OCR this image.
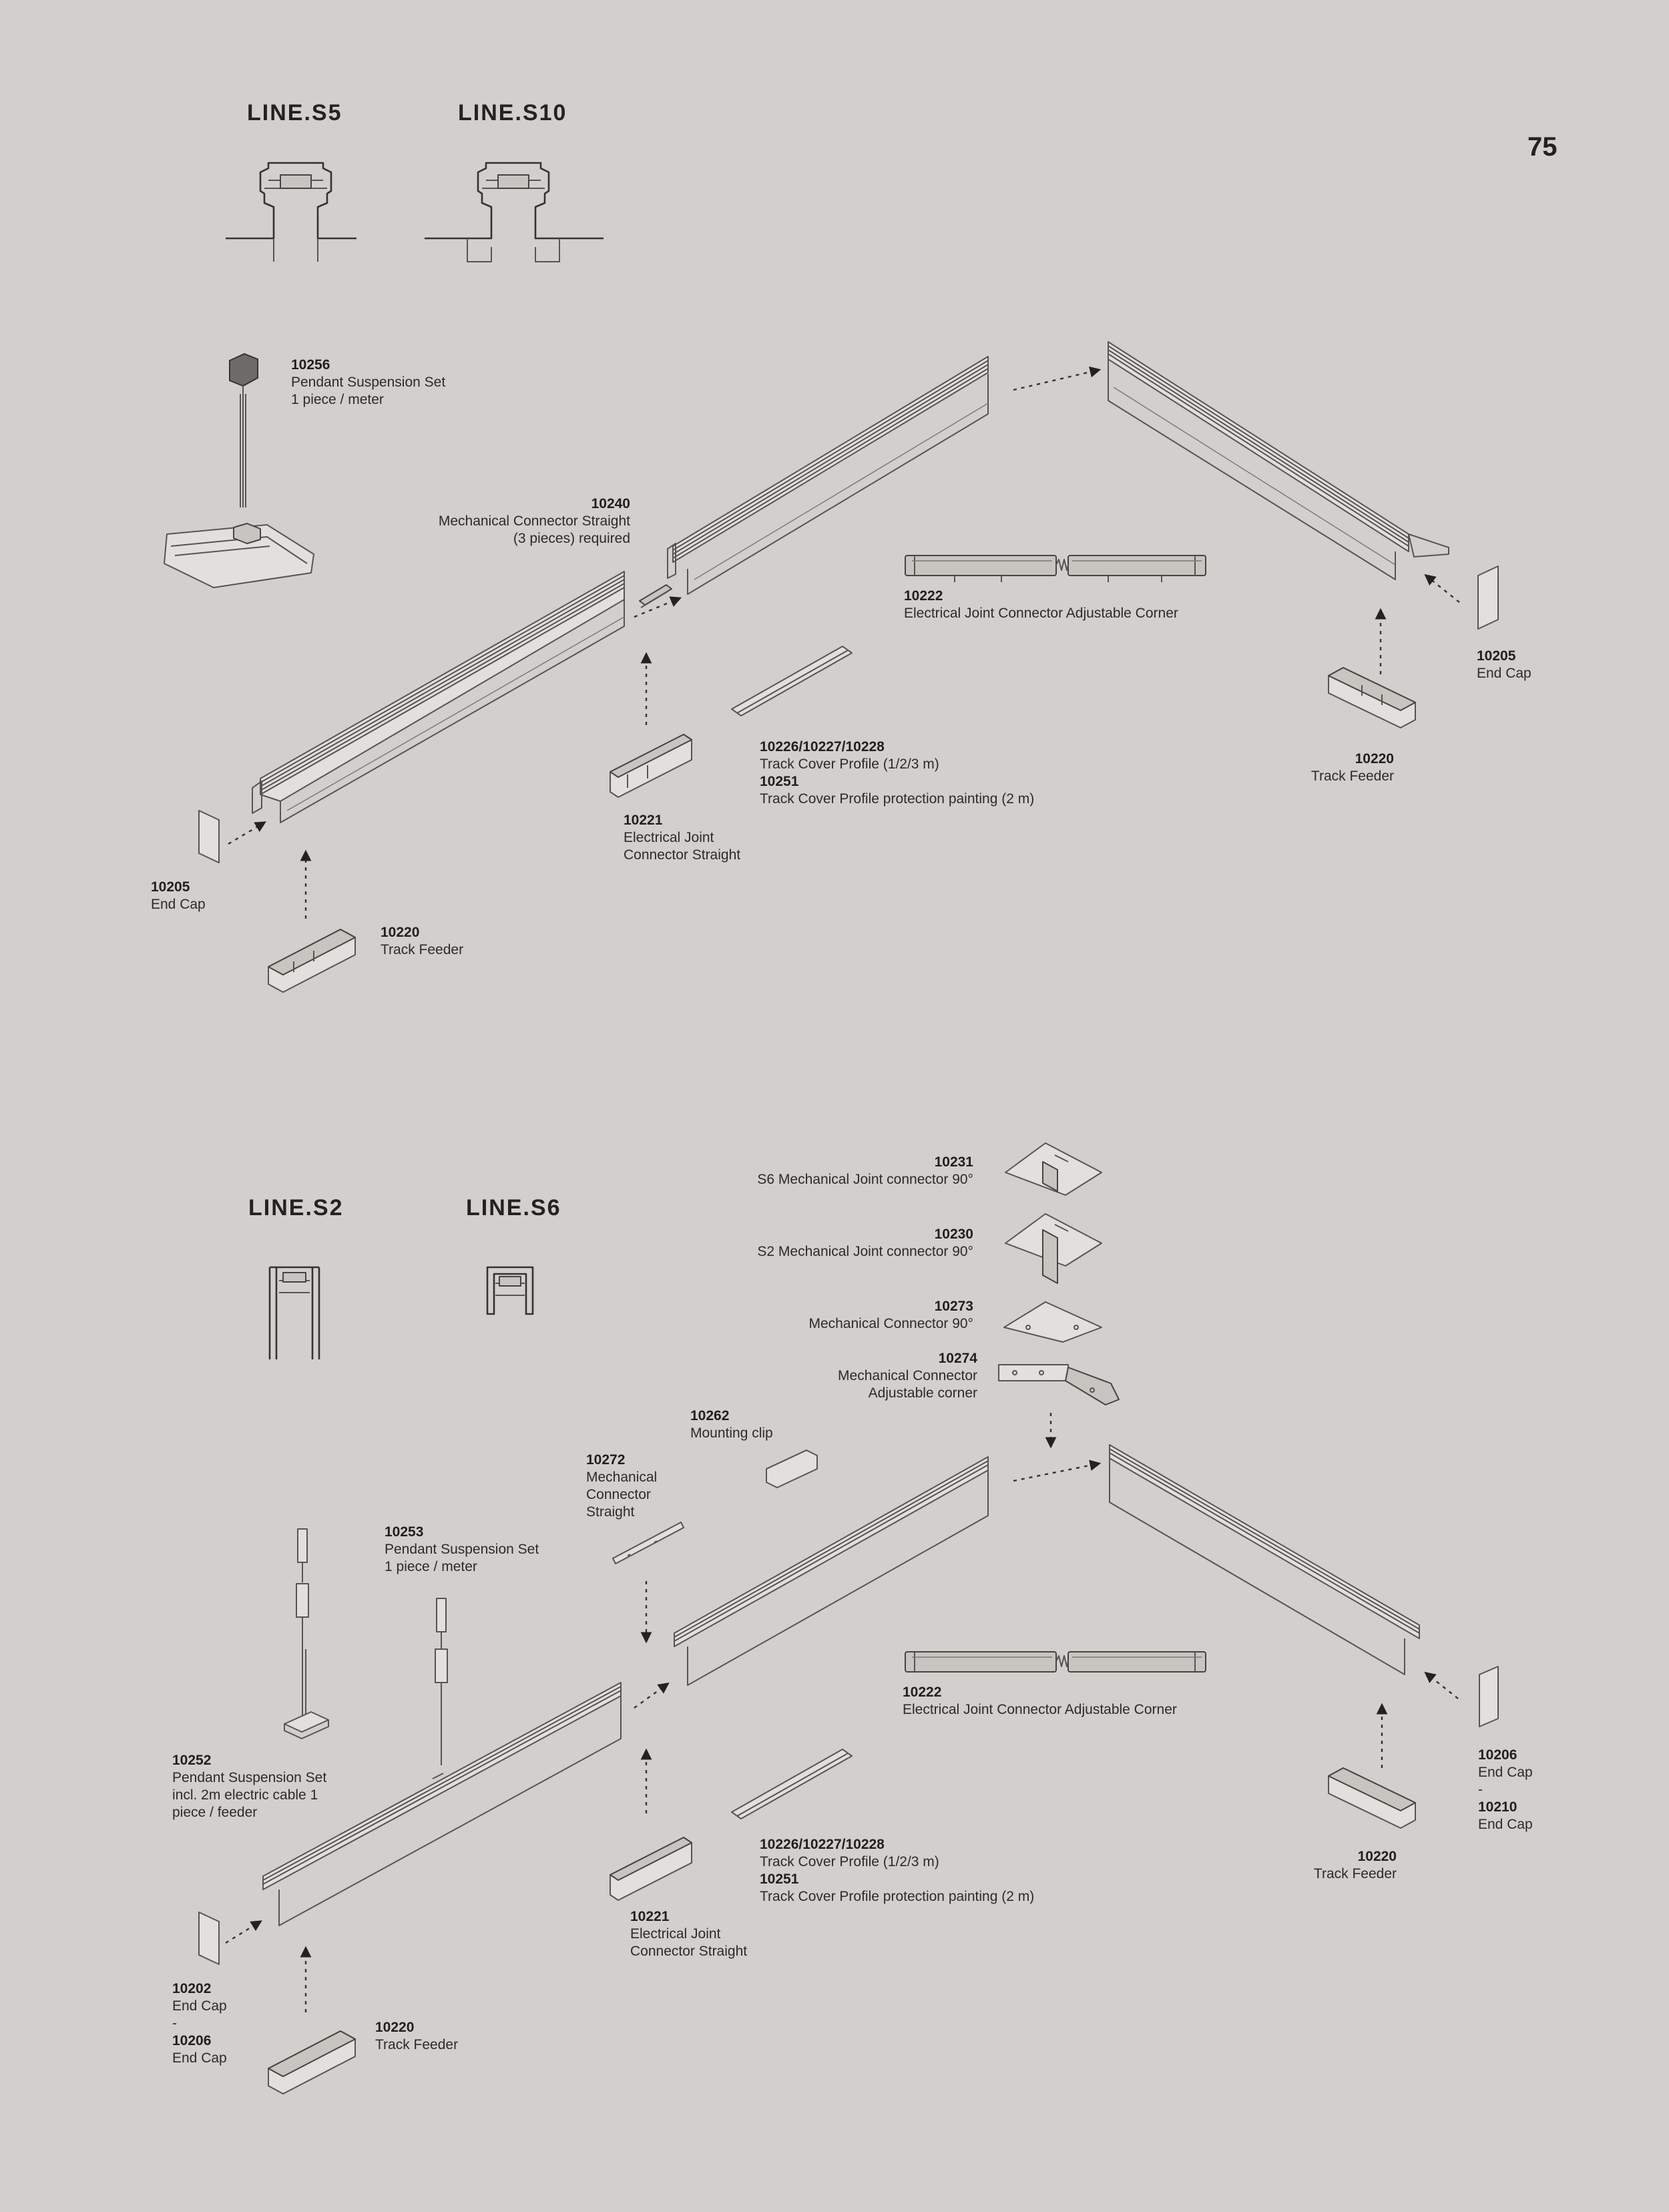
75
LINE.S5	LINE.S10
10256
Pendant Suspension Set
1 piece / meter
10240
Mechanical Connector Straight
(3 pieces) required
10222
Electrical Joint Connector Adjustable Corner
10205
End Cap
10226/10227/10228
Track Cover Profile (1/2/3 m)
10251
Track Cover Profile protection painting (2 m)
10220
Track Feeder
10221
Electrical Joint
Connector Straight
10205
End Cap
10220
Track Feeder
LINE.S2	LINE.S6
10231
S6 Mechanical Joint connector 90°
10230
S2 Mechanical Joint connector 90°
10273
Mechanical Connector 90°
10274
Mechanical Connector
Adjustable corner
10262
Mounting clip
10272
Mechanical
Connector
Straight
10253
Pendant Suspension Set
1 piece / meter
10222
Electrical Joint Connector Adjustable Corner
10206
End Cap
-
10210
End Cap
10252
Pendant Suspension Set
incl. 2m electric cable 1
piece / feeder
10226/10227/10228
Track Cover Profile (1/2/3 m)
10251
Track Cover Profile protection painting (2 m)
10220
Track Feeder
10221
Electrical Joint
Connector Straight
10202
End Cap
-
10206
End Cap
10220
Track Feeder
